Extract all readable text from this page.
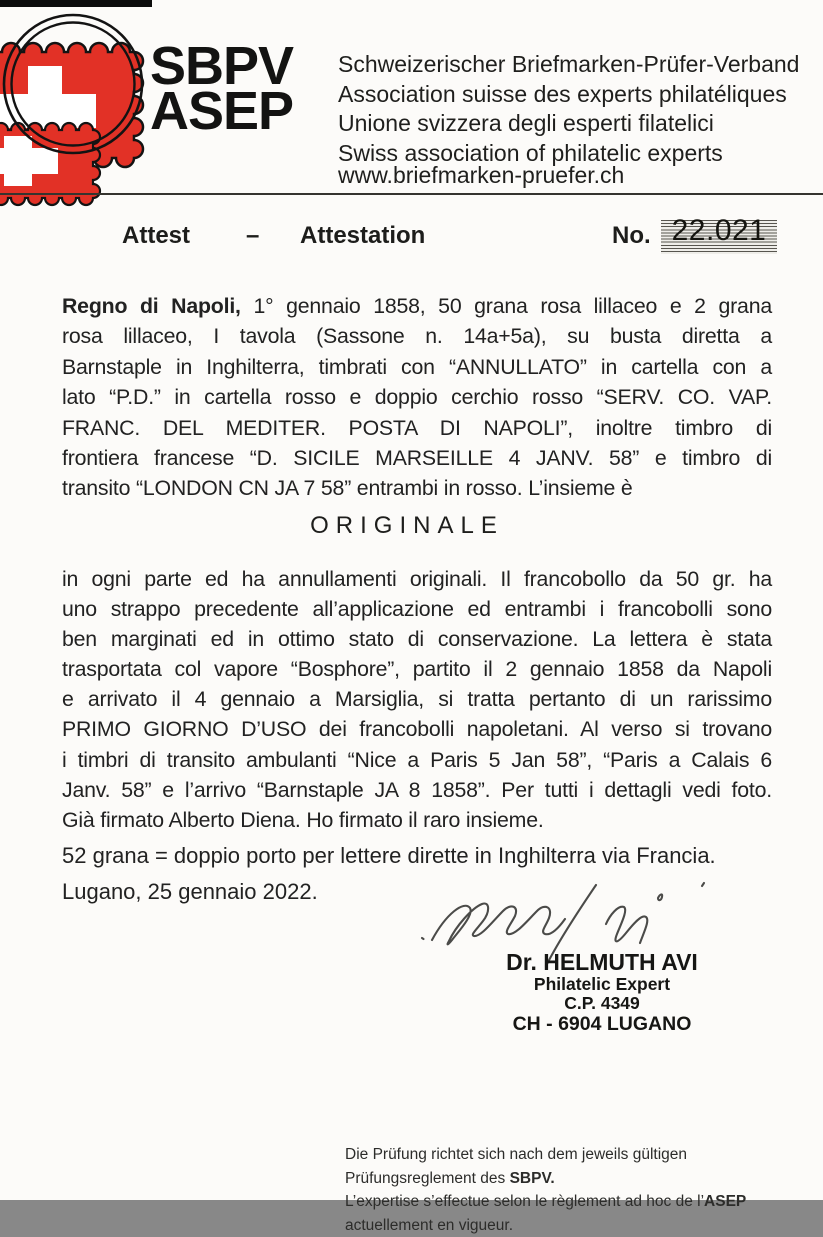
SBPV
ASEP
Schweizerischer Briefmarken-Prüfer-Verband
Association suisse des experts philatéliques
Unione svizzera degli esperti filatelici
Swiss association of philatelic experts
www.briefmarken-pruefer.ch
Attest – Attestation	No. 22.021
Regno di Napoli, 1° gennaio 1858, 50 grana rosa lillaceo e 2 grana
rosa lillaceo, I tavola (Sassone n. 14a+5a), su busta diretta a
Barnstaple in Inghilterra, timbrati con “ANNULLATO” in cartella con a
lato “P.D.” in cartella rosso e doppio cerchio rosso “SERV. CO. VAP.
FRANC. DEL MEDITER. POSTA DI NAPOLI”, inoltre timbro di
frontiera francese “D. SICILE MARSEILLE 4 JANV. 58” e timbro di
transito “LONDON CN JA 7 58” entrambi in rosso. L’insieme è
ORIGINALE
in ogni parte ed ha annullamenti originali. Il francobollo da 50 gr. ha
uno strappo precedente all’applicazione ed entrambi i francobolli sono
ben marginati ed in ottimo stato di conservazione. La lettera è stata
trasportata col vapore “Bosphore”, partito il 2 gennaio 1858 da Napoli
e arrivato il 4 gennaio a Marsiglia, si tratta pertanto di un rarissimo
PRIMO GIORNO D’USO dei francobolli napoletani. Al verso si trovano
i timbri di transito ambulanti “Nice a Paris 5 Jan 58”, “Paris a Calais 6
Janv. 58” e l’arrivo “Barnstaple JA 8 1858”. Per tutti i dettagli vedi foto.
Già firmato Alberto Diena. Ho firmato il raro insieme.
52 grana = doppio porto per lettere dirette in Inghilterra via Francia.
Lugano, 25 gennaio 2022.
Dr. HELMUTH AVI
Philatelic Expert
C.P. 4349
CH - 6904 LUGANO
Die Prüfung richtet sich nach dem jeweils gültigen Prüfungsreglement des SBPV.
L’expertise s’effectue selon le règlement ad hoc de l’ASEP actuellement en vigueur.
